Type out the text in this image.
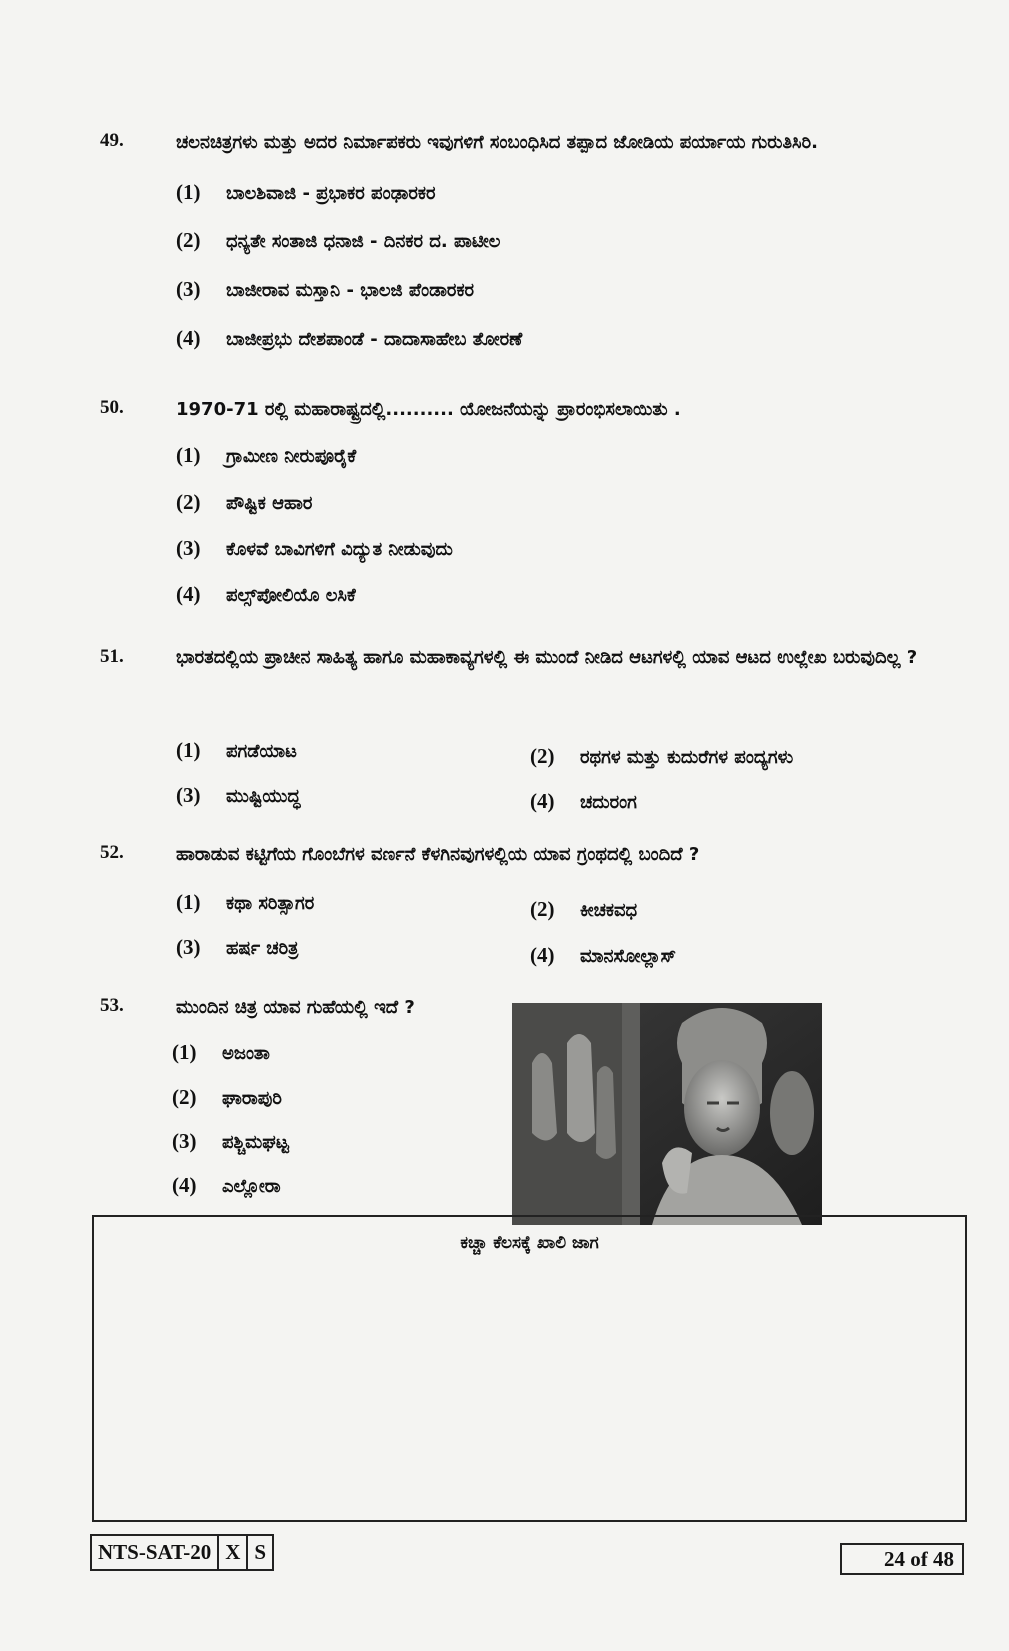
49.	ಚಲನಚಿತ್ರಗಳು ಮತ್ತು ಅದರ ನಿರ್ಮಾಪಕರು ಇವುಗಳಿಗೆ ಸಂಬಂಧಿಸಿದ ತಪ್ಪಾದ ಜೋಡಿಯ ಪರ್ಯಾಯ ಗುರುತಿಸಿರಿ.
(1) ಬಾಲಶಿವಾಜಿ - ಪ್ರಭಾಕರ ಪಂಢಾರಕರ
(2) ಧನ್ಯತೇ ಸಂತಾಜಿ ಧನಾಜಿ - ದಿನಕರ ದ. ಪಾಟೀಲ
(3) ಬಾಜೀರಾವ ಮಸ್ತಾನಿ - ಭಾಲಜಿ ಪೆಂಡಾರಕರ
(4) ಬಾಜೀಪ್ರಭು ದೇಶಪಾಂಡೆ - ದಾದಾಸಾಹೇಬ ತೋರಣೆ
50.	1970-71 ರಲ್ಲಿ ಮಹಾರಾಷ್ಟ್ರದಲ್ಲಿ.......... ಯೋಜನೆಯನ್ನು ಪ್ರಾರಂಭಿಸಲಾಯಿತು .
(1) ಗ್ರಾಮೀಣ ನೀರುಪೂರೈಕೆ
(2) ಪೌಷ್ಟಿಕ ಆಹಾರ
(3) ಕೊಳವೆ ಬಾವಿಗಳಿಗೆ ವಿದ್ಯುತ ನೀಡುವುದು
(4) ಪಲ್ಸ್‌ಪೋಲಿಯೊ ಲಸಿಕೆ
51.	ಭಾರತದಲ್ಲಿಯ ಪ್ರಾಚೀನ ಸಾಹಿತ್ಯ ಹಾಗೂ ಮಹಾಕಾವ್ಯಗಳಲ್ಲಿ ಈ ಮುಂದೆ ನೀಡಿದ ಆಟಗಳಲ್ಲಿ ಯಾವ ಆಟದ ಉಲ್ಲೇಖ ಬರುವುದಿಲ್ಲ ?
(1) ಪಗಡೆಯಾಟ	(2) ರಥಗಳ ಮತ್ತು ಕುದುರೆಗಳ ಪಂದ್ಯಗಳು
(3) ಮುಷ್ಟಿಯುದ್ಧ	(4) ಚದುರಂಗ
52.	ಹಾರಾಡುವ ಕಟ್ಟಿಗೆಯ ಗೊಂಬೆಗಳ ವರ್ಣನೆ ಕೆಳಗಿನವುಗಳಲ್ಲಿಯ ಯಾವ ಗ್ರಂಥದಲ್ಲಿ ಬಂದಿದೆ ?
(1) ಕಥಾ ಸರಿತ್ಸಾಗರ	(2) ಕೀಚಕವಧ
(3) ಹರ್ಷ ಚರಿತ್ರ	(4) ಮಾನಸೋಲ್ಲಾಸ್
53.	ಮುಂದಿನ ಚಿತ್ರ ಯಾವ ಗುಹೆಯಲ್ಲಿ ಇದೆ ?
(1) ಅಜಂತಾ
(2) ಘಾರಾಪುರಿ
(3) ಪಶ್ಚಿಮಘಟ್ಟ
(4) ಎಲ್ಲೋರಾ
ಕಚ್ಚಾ ಕೆಲಸಕ್ಕೆ ಖಾಲಿ ಜಾಗ
NTS-SAT-20 X S	24 of 48
